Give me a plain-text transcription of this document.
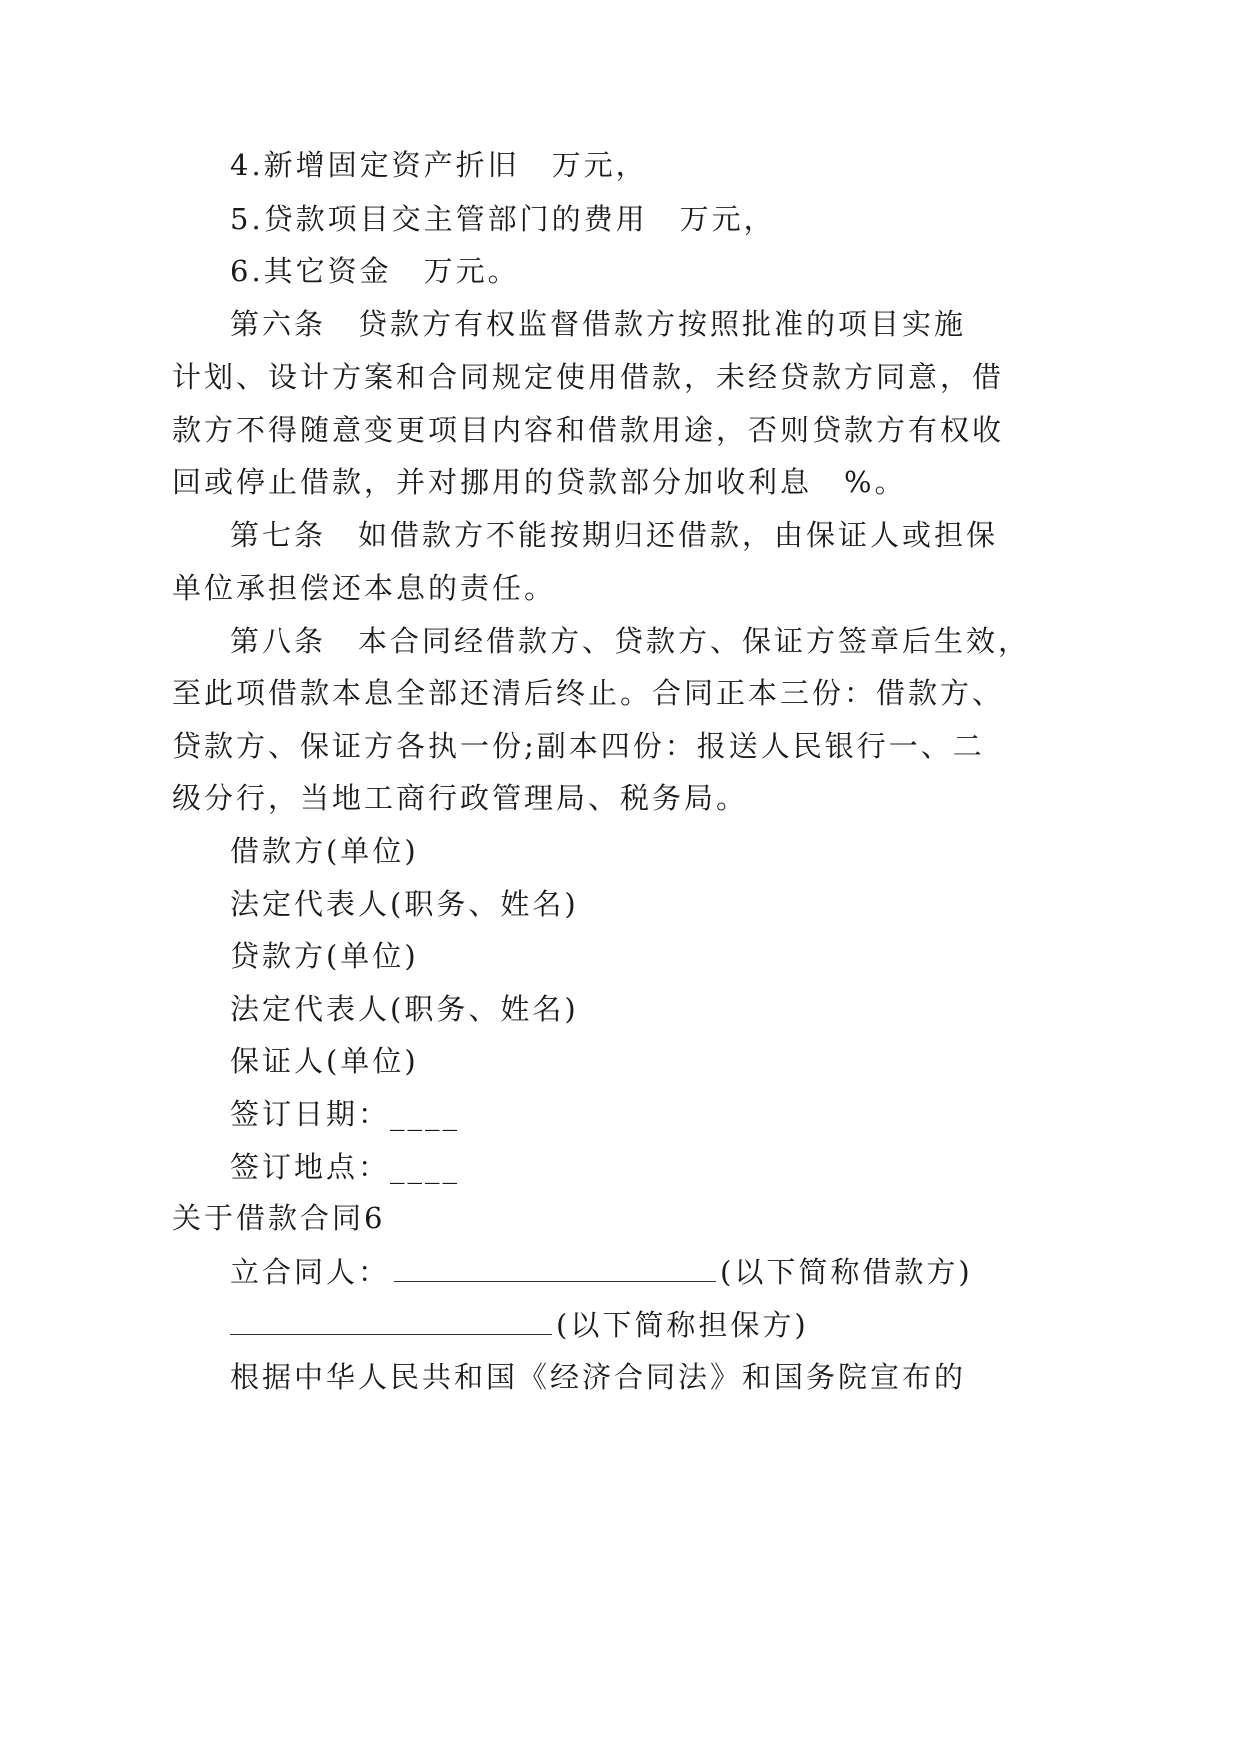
4.新增固定资产折旧　万元，
5.贷款项目交主管部门的费用　万元，
6.其它资金　万元。
第六条　贷款方有权监督借款方按照批准的项目实施
计划、设计方案和合同规定使用借款，未经贷款方同意，借
款方不得随意变更项目内容和借款用途，否则贷款方有权收
回或停止借款，并对挪用的贷款部分加收利息　%。
第七条　如借款方不能按期归还借款，由保证人或担保
单位承担偿还本息的责任。
第八条　本合同经借款方、贷款方、保证方签章后生效，
至此项借款本息全部还清后终止。合同正本三份：借款方、
贷款方、保证方各执一份;副本四份：报送人民银行一、二
级分行，当地工商行政管理局、税务局。
借款方(单位)
法定代表人(职务、姓名)
贷款方(单位)
法定代表人(职务、姓名)
保证人(单位)
签订日期：____
签订地点：____
关于借款合同6
立合同人：	(以下简称借款方)
(以下简称担保方)
根据中华人民共和国《经济合同法》和国务院宣布的
